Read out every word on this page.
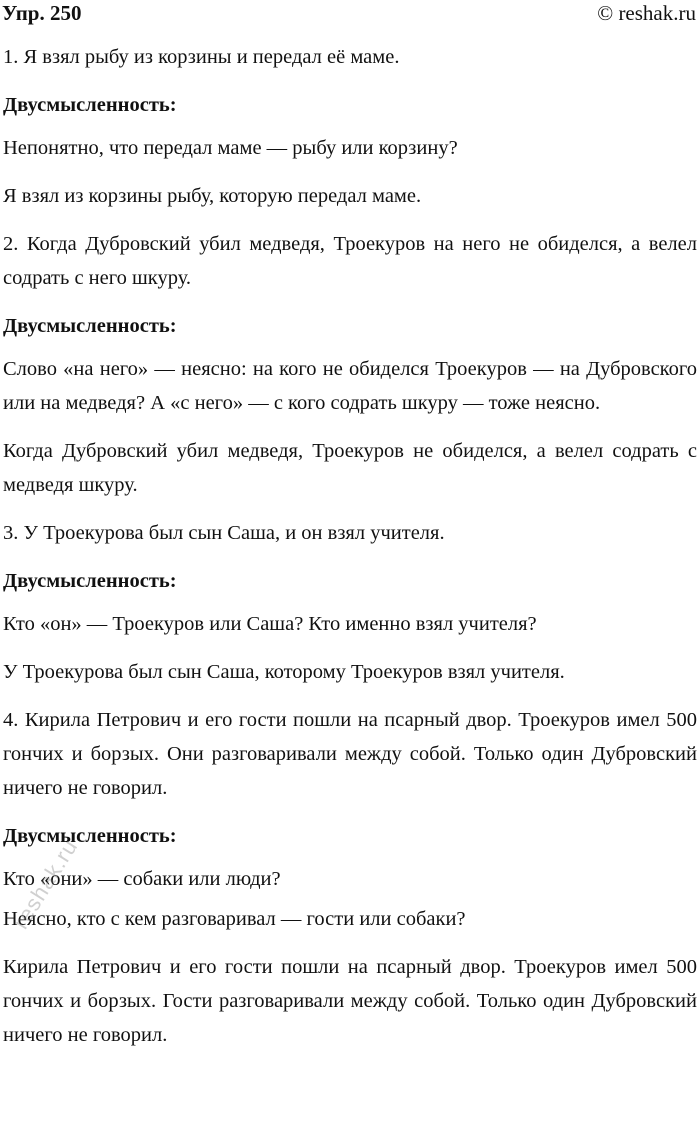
Упр. 250	© reshak.ru

1. Я взял рыбу из корзины и передал её маме.

Двусмысленность:

Непонятно, что передал маме — рыбу или корзину?

Я взял из корзины рыбу, которую передал маме.

2. Когда Дубровский убил медведя, Троекуров на него не обиделся, а велел содрать с него шкуру.

Двусмысленность:

Слово «на него» — неясно: на кого не обиделся Троекуров — на Дубровского или на медведя? А «с него» — с кого содрать шкуру — тоже неясно.

Когда Дубровский убил медведя, Троекуров не обиделся, а велел содрать с медведя шкуру.

3. У Троекурова был сын Саша, и он взял учителя.

Двусмысленность:

Кто «он» — Троекуров или Саша? Кто именно взял учителя?

У Троекурова был сын Саша, которому Троекуров взял учителя.

4. Кирила Петрович и его гости пошли на псарный двор. Троекуров имел 500 гончих и борзых. Они разговаривали между собой. Только один Дубровский ничего не говорил.

Двусмысленность:

Кто «они» — собаки или люди?

Неясно, кто с кем разговаривал — гости или собаки?

Кирила Петрович и его гости пошли на псарный двор. Троекуров имел 500 гончих и борзых. Гости разговаривали между собой. Только один Дубровский ничего не говорил.

reshak.ru
